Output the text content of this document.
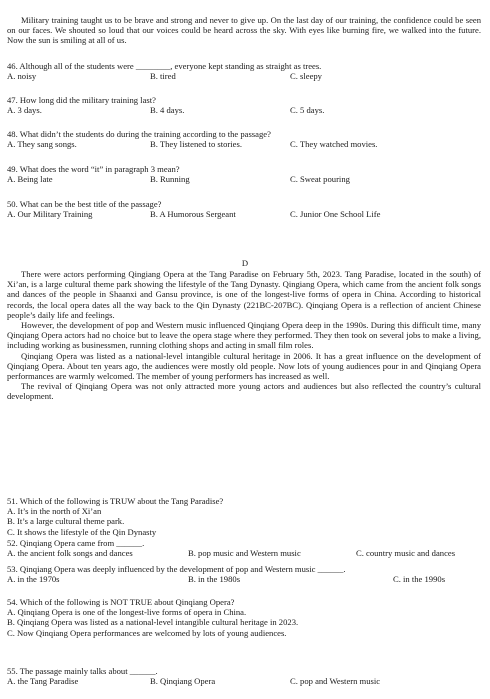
Military training taught us to be brave and strong and never to give up. On the last day of our training, the confidence could be seen on our faces. We shouted so loud that our voices could be heard across the sky. With eyes like burning fire, we walked into the future. Now the sun is smiling at all of us.

46. Although all of the students were ________, everyone kept standing as straight as trees.
A. noisy	B. tired	C. sleepy
47. How long did the military training last?
A. 3 days.	B. 4 days.	C. 5 days.
48. What didn’t the students do during the training according to the passage?
A. They sang songs.	B. They listened to stories.	C. They watched movies.
49. What does the word “it” in paragraph 3 mean?
A. Being late	B. Running	C. Sweat pouring
50. What can be the best title of the passage?
A. Our Military Training	B. A Humorous Sergeant	C. Junior One School Life
D

There were actors performing Qingiang Opera at the Tang Paradise on February 5th, 2023. Tang Paradise, located in the south) of Xi’an, is a large cultural theme park showing the lifestyle of the Tang Dynasty. Qingiang Opera, which came from the ancient folk songs and dances of the people in Shaanxi and Gansu province, is one of the longest-live forms of opera in China. According to historical records, the local opera dates all the way back to the Qin Dynasty (221BC-207BC). Qinqiang Opera is a reflection of ancient Chinese people’s daily life and feelings.

However, the development of pop and Western music influenced Qinqiang Opera deep in the 1990s. During this difficult time, many Qinqiang Opera actors had no choice but to leave the opera stage where they performed. They then took on several jobs to make a living, including working as businessmen, running clothing shops and acting in small film roles.

Qinqiang Opera was listed as a national-level intangible cultural heritage in 2006. It has a great influence on the development of Qinqiang Opera. About ten years ago, the audiences were mostly old people. Now lots of young audiences pour in and Qinqiang Opera performances are warmly welcomed. The member of young performers has increased as well.

The revival of Qinqiang Opera was not only attracted more young actors and audiences but also reflected the country’s cultural development.

51. Which of the following is TRUW about the Tang Paradise?
A. It’s in the north of Xi’an
B. It’s a large cultural theme park.
C. It shows the lifestyle of the Qin Dynasty
52. Qinqiang Opera came from ______.
A. the ancient folk songs and dances	B. pop music and Western music	C. country music and dances
53. Qinqiang Opera was deeply influenced by the development of pop and Western music ______.
A. in the 1970s	B. in the 1980s	C. in the 1990s
54. Which of the following is NOT TRUE about Qinqiang Opera?
A. Qinqiang Opera is one of the longest-live forms of opera in China.
B. Qinqiang Opera was listed as a national-level intangible cultural heritage in 2023.
C. Now Qinqiang Opera performances are welcomed by lots of young audiences.
55. The passage mainly talks about ______.
A. the Tang Paradise	B. Qinqiang Opera	C. pop and Western music
